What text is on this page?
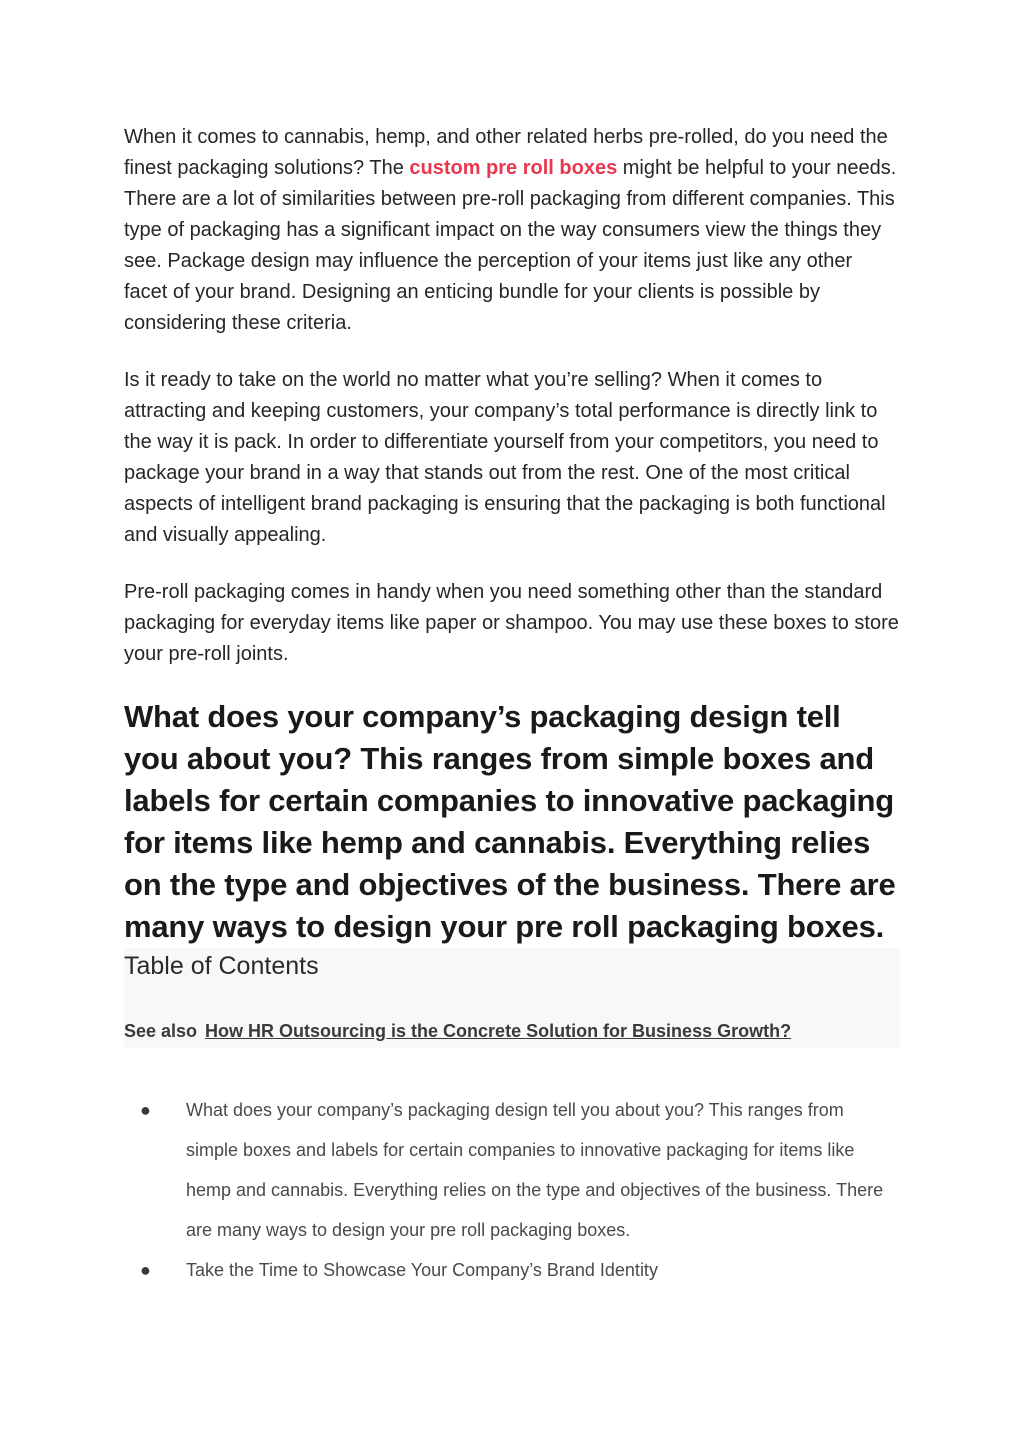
When it comes to cannabis, hemp, and other related herbs pre-rolled, do you need the finest packaging solutions? The custom pre roll boxes might be helpful to your needs. There are a lot of similarities between pre-roll packaging from different companies. This type of packaging has a significant impact on the way consumers view the things they see. Package design may influence the perception of your items just like any other facet of your brand. Designing an enticing bundle for your clients is possible by considering these criteria.

Is it ready to take on the world no matter what you’re selling? When it comes to attracting and keeping customers, your company’s total performance is directly link to the way it is pack. In order to differentiate yourself from your competitors, you need to package your brand in a way that stands out from the rest. One of the most critical aspects of intelligent brand packaging is ensuring that the packaging is both functional and visually appealing.

Pre-roll packaging comes in handy when you need something other than the standard packaging for everyday items like paper or shampoo. You may use these boxes to store your pre-roll joints.

What does your company’s packaging design tell you about you? This ranges from simple boxes and labels for certain companies to innovative packaging for items like hemp and cannabis. Everything relies on the type and objectives of the business. There are many ways to design your pre roll packaging boxes.
Table of Contents
See also How HR Outsourcing is the Concrete Solution for Business Growth?
● What does your company’s packaging design tell you about you? This ranges from simple boxes and labels for certain companies to innovative packaging for items like hemp and cannabis. Everything relies on the type and objectives of the business. There are many ways to design your pre roll packaging boxes.
● Take the Time to Showcase Your Company’s Brand Identity
